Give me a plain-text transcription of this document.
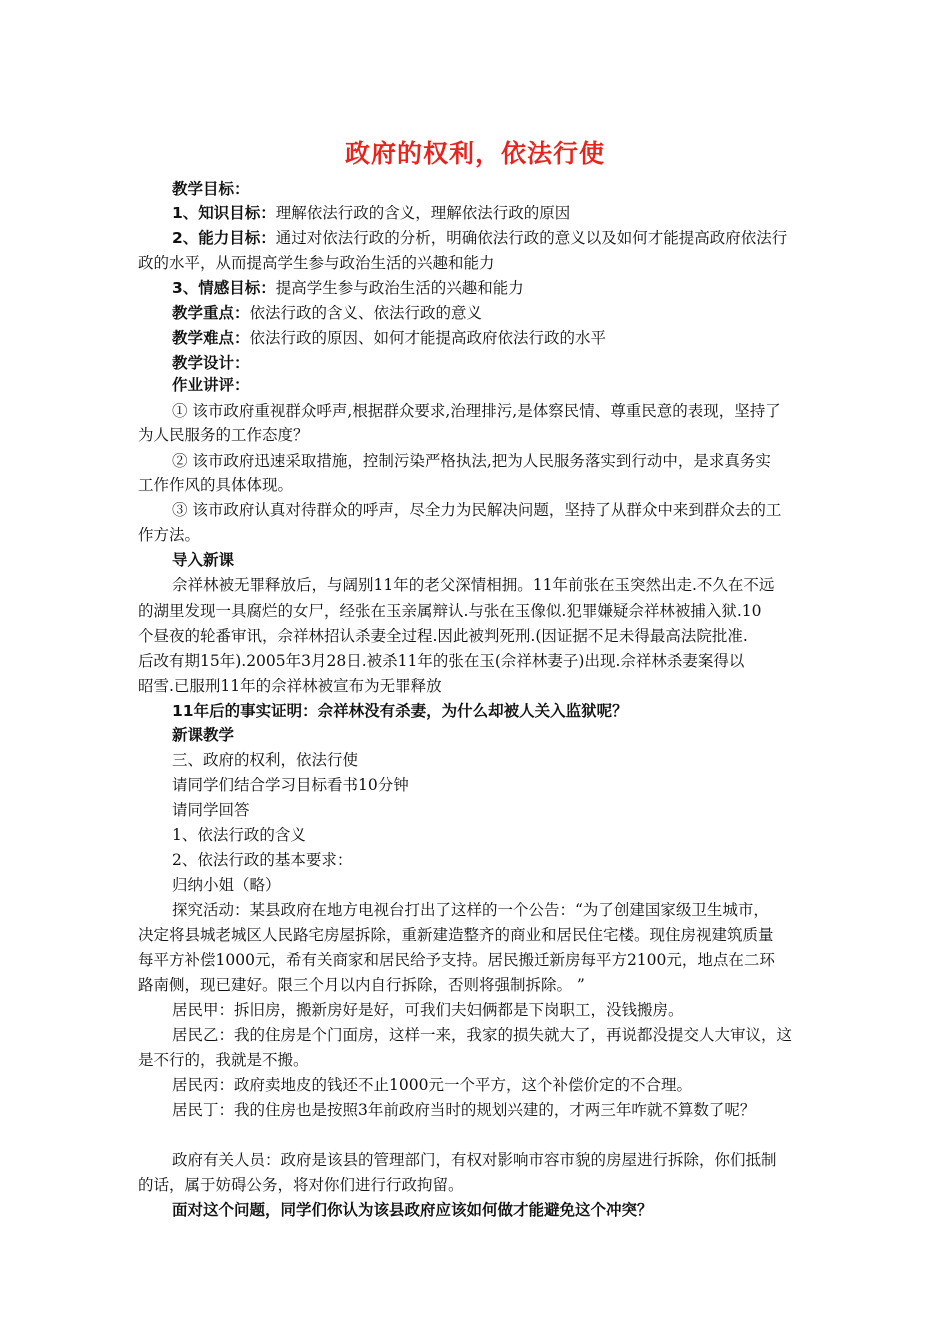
政府的权利，依法行使
教学目标：
1、知识目标：理解依法行政的含义，理解依法行政的原因
2、能力目标：通过对依法行政的分析，明确依法行政的意义以及如何才能提高政府依法行
政的水平，从而提高学生参与政治生活的兴趣和能力
3、情感目标：提高学生参与政治生活的兴趣和能力
教学重点：依法行政的含义、依法行政的意义
教学难点：依法行政的原因、如何才能提高政府依法行政的水平
教学设计：
作业讲评：
① 该市政府重视群众呼声,根据群众要求,治理排污,是体察民情、尊重民意的表现，坚持了
为人民服务的工作态度？
② 该市政府迅速采取措施，控制污染严格执法,把为人民服务落实到行动中，是求真务实
工作作风的具体体现。
③ 该市政府认真对待群众的呼声，尽全力为民解决问题，坚持了从群众中来到群众去的工
作方法。
导入新课
佘祥林被无罪释放后，与阔别11年的老父深情相拥。11年前张在玉突然出走.不久在不远
的湖里发现一具腐烂的女尸，经张在玉亲属辩认.与张在玉像似.犯罪嫌疑佘祥林被捕入狱.10
个昼夜的轮番审讯，佘祥林招认杀妻全过程.因此被判死刑.(因证据不足未得最高法院批准.
后改有期15年).2005年3月28日.被杀11年的张在玉(佘祥林妻子)出现.佘祥林杀妻案得以
昭雪.已服刑11年的佘祥林被宣布为无罪释放
11年后的事实证明：佘祥林没有杀妻，为什么却被人关入监狱呢？
新课教学
三、政府的权利，依法行使
请同学们结合学习目标看书10分钟
请同学回答
1、依法行政的含义
2、依法行政的基本要求：
归纳小姐（略）
探究活动：某县政府在地方电视台打出了这样的一个公告：“为了创建国家级卫生城市，
决定将县城老城区人民路宅房屋拆除，重新建造整齐的商业和居民住宅楼。现住房视建筑质量
每平方补偿1000元，希有关商家和居民给予支持。居民搬迁新房每平方2100元，地点在二环
路南侧，现已建好。限三个月以内自行拆除，否则将强制拆除。 ”
居民甲：拆旧房，搬新房好是好，可我们夫妇俩都是下岗职工，没钱搬房。
居民乙：我的住房是个门面房，这样一来，我家的损失就大了，再说都没提交人大审议，这
是不行的，我就是不搬。
居民丙：政府卖地皮的钱还不止1000元一个平方，这个补偿价定的不合理。
居民丁：我的住房也是按照3年前政府当时的规划兴建的，才两三年咋就不算数了呢？
政府有关人员：政府是该县的管理部门，有权对影响市容市貌的房屋进行拆除，你们抵制
的话，属于妨碍公务，将对你们进行行政拘留。
面对这个问题，同学们你认为该县政府应该如何做才能避免这个冲突？
